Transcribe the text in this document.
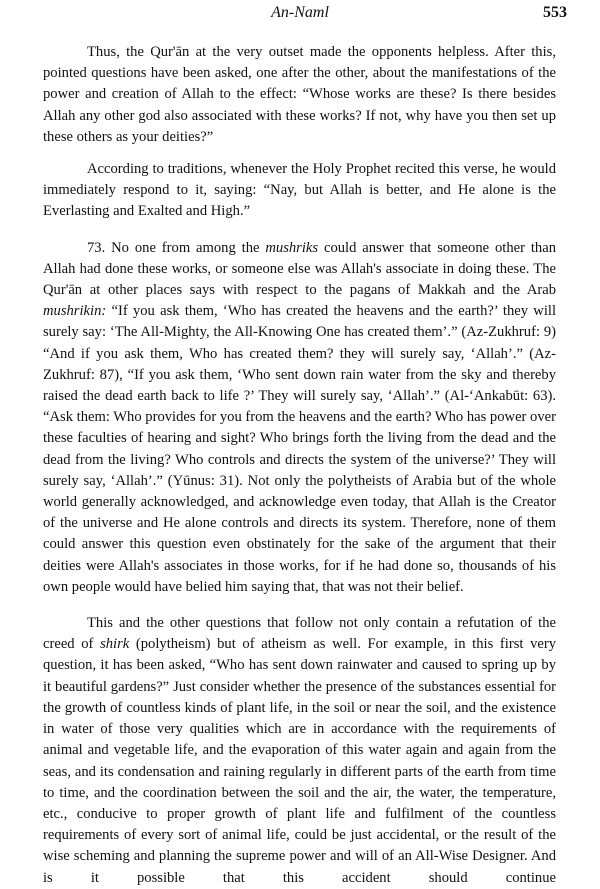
An-Naml	553

Thus, the Qur'ān at the very outset made the opponents helpless. After this, pointed questions have been asked, one after the other, about the manifestations of the power and creation of Allah to the effect: “Whose works are these? Is there besides Allah any other god also associated with these works? If not, why have you then set up these others as your deities?”

According to traditions, whenever the Holy Prophet recited this verse, he would immediately respond to it, saying: “Nay, but Allah is better, and He alone is the Everlasting and Exalted and High.”

73. No one from among the mushriks could answer that someone other than Allah had done these works, or someone else was Allah's associate in doing these. The Qur'ān at other places says with respect to the pagans of Makkah and the Arab mushrikin: “If you ask them, ‘Who has created the heavens and the earth?’ they will surely say: ‘The All-Mighty, the All-Knowing One has created them’.” (Az-Zukhruf: 9) “And if you ask them, Who has created them? they will surely say, ‘Allah’.” (Az-Zukhruf: 87), “If you ask them, ‘Who sent down rain water from the sky and thereby raised the dead earth back to life ?’ They will surely say, ‘Allah’.” (Al-‘Ankabūt: 63). “Ask them: Who provides for you from the heavens and the earth? Who has power over these faculties of hearing and sight? Who brings forth the living from the dead and the dead from the living? Who controls and directs the system of the universe?’ They will surely say, ‘Allah’.” (Yūnus: 31). Not only the polytheists of Arabia but of the whole world generally acknowledged, and acknowledge even today, that Allah is the Creator of the universe and He alone controls and directs its system. Therefore, none of them could answer this question even obstinately for the sake of the argument that their deities were Allah's associates in those works, for if he had done so, thousands of his own people would have belied him saying that, that was not their belief.

This and the other questions that follow not only contain a refutation of the creed of shirk (polytheism) but of atheism as well. For example, in this first very question, it has been asked, “Who has sent down rainwater and caused to spring up by it beautiful gardens?” Just consider whether the presence of the substances essential for the growth of countless kinds of plant life, in the soil or near the soil, and the existence in water of those very qualities which are in accordance with the requirements of animal and vegetable life, and the evaporation of this water again and again from the seas, and its condensation and raining regularly in different parts of the earth from time to time, and the coordination between the soil and the air, the water, the temperature, etc., conducive to proper growth of plant life and fulfilment of the countless requirements of every sort of animal life, could be just accidental, or the result of the wise scheming and planning the supreme power and will of an All-Wise Designer. And is it possible that this accident should continue
